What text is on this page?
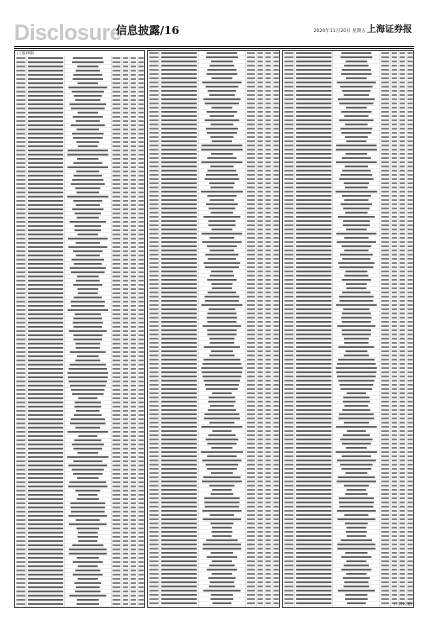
Disclosure
信息披露/16	2020年11月20日 星期五 上海证券报
(上接15版)
(下转17版)
